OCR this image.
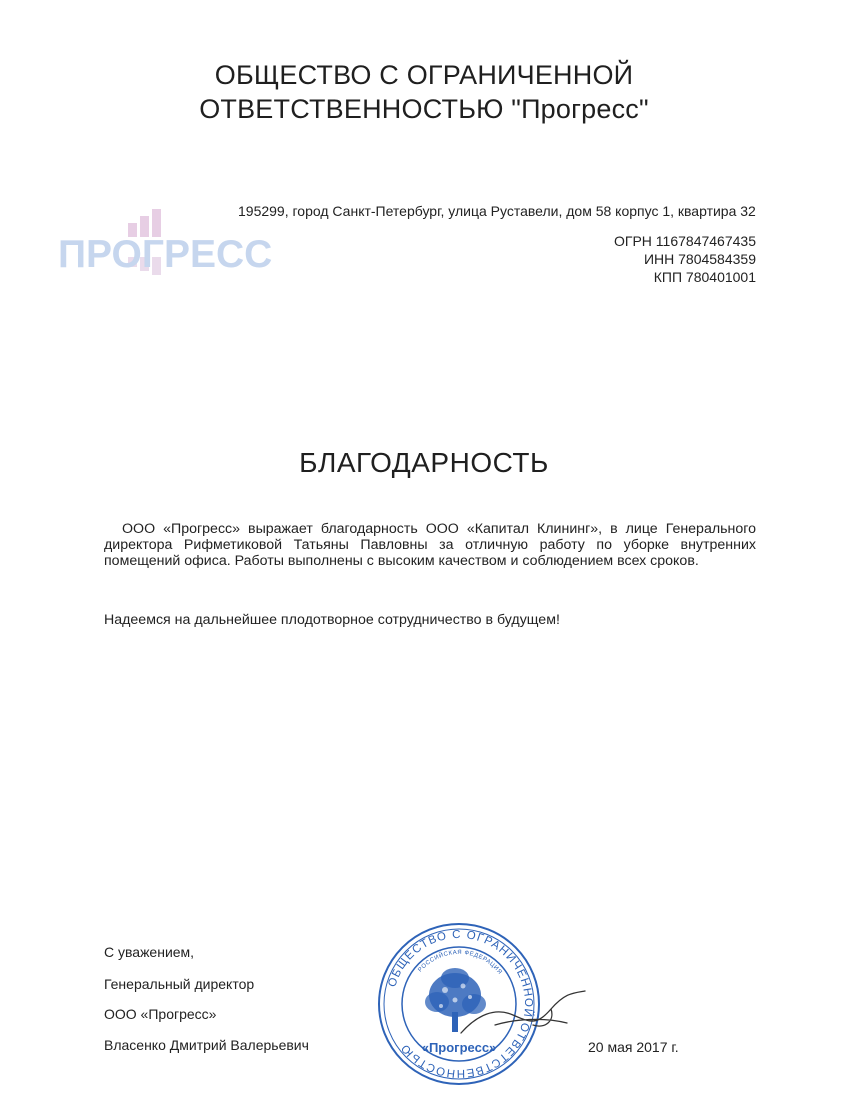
ОБЩЕСТВО С ОГРАНИЧЕННОЙ
ОТВЕТСТВЕННОСТЬЮ "Прогресс"
ПРОГРЕСС
195299, город Санкт-Петербург, улица Руставели, дом 58 корпус 1, квартира 32
ОГРН 1167847467435
ИНН 7804584359
КПП 780401001
БЛАГОДАРНОСТЬ

ООО «Прогресс» выражает благодарность ООО «Капитал Клининг», в лице Генерального директора Рифметиковой Татьяны Павловны за отличную работу по уборке внутренних помещений офиса. Работы выполнены с высоким качеством и соблюдением всех сроков.

Надеемся на дальнейшее плодотворное сотрудничество в будущем!
С уважением,
Генеральный директор
ООО «Прогресс»
Власенко Дмитрий Валерьевич
ОБЩЕСТВО С ОГРАНИЧЕННОЙ ОТВЕТСТВЕННОСТЬЮ
РОССИЙСКАЯ ФЕДЕРАЦИЯ
«Прогресс»	20 мая 2017 г.
